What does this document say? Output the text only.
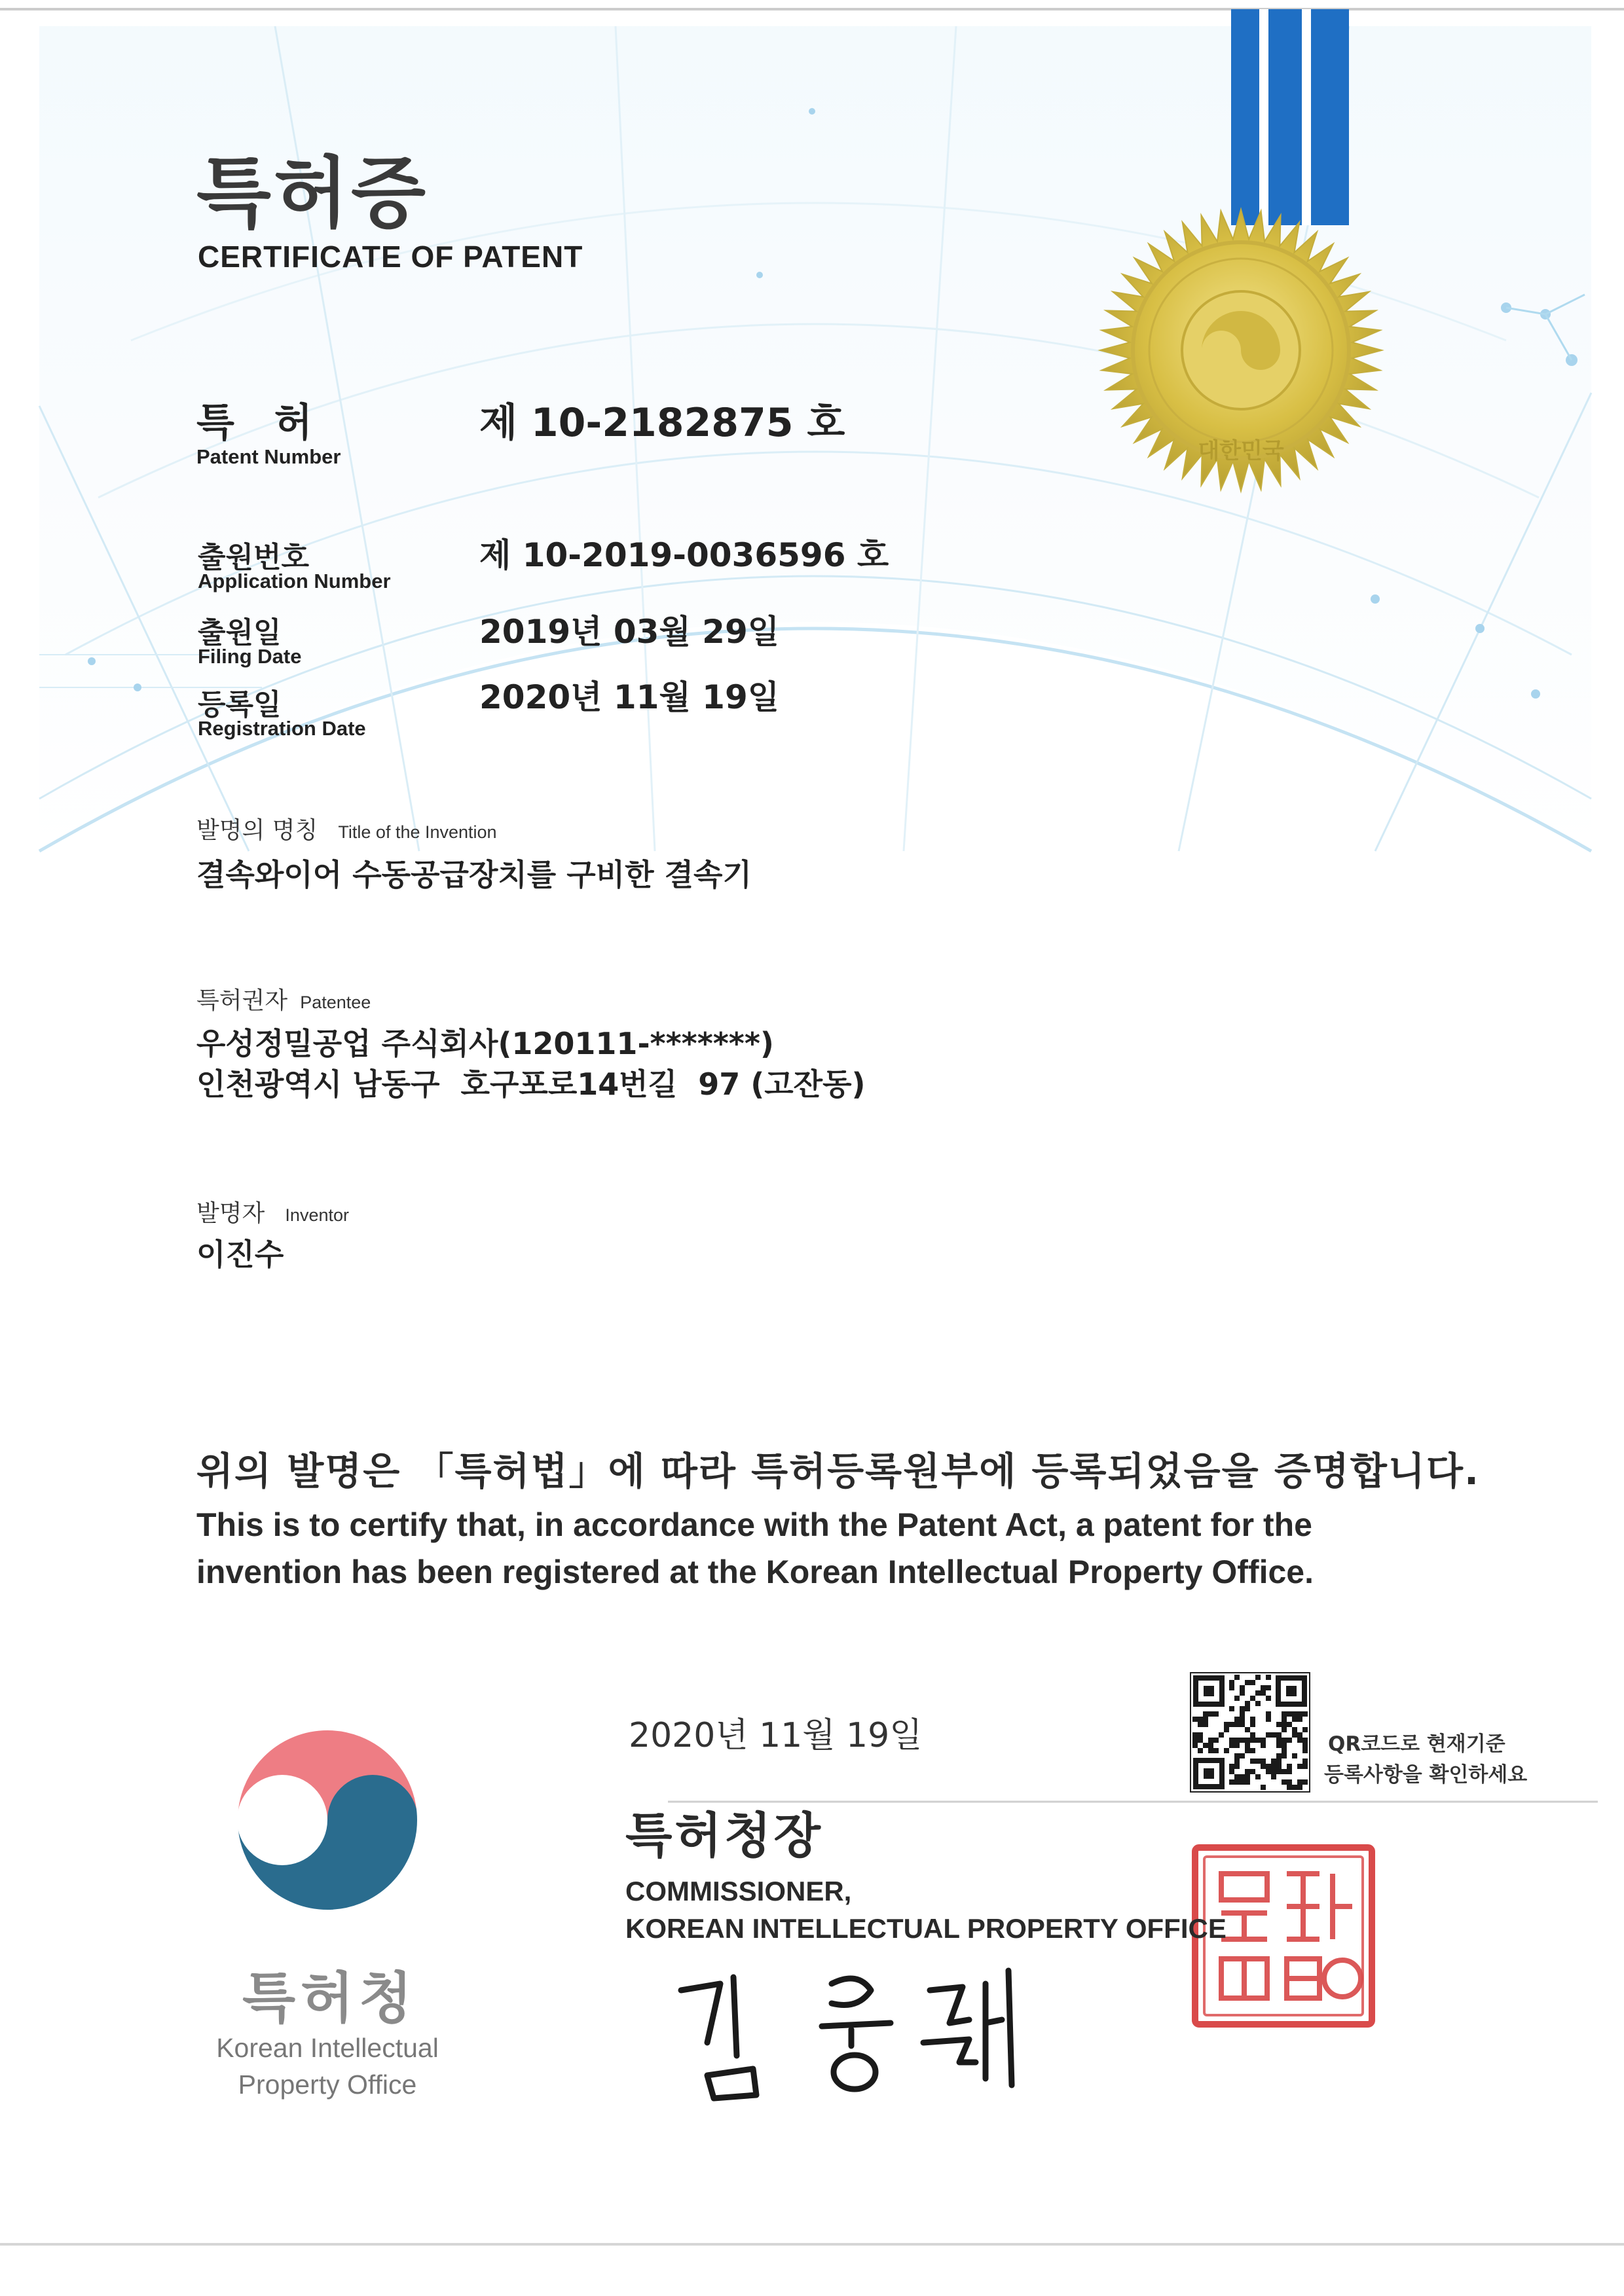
대한민국
특허증
CERTIFICATE OF PATENT
특 허
Patent Number
제 10-2182875 호
출원번호
Application Number
제 10-2019-0036596 호
출원일
Filing Date
2019년 03월 29일
등록일
Registration Date
2020년 11월 19일
발명의 명칭 Title of the Invention
결속와이어 수동공급장치를 구비한 결속기
특허권자 Patentee
우성정밀공업 주식회사(120111-*******)
인천광역시 남동구  호구포로14번길  97 (고잔동)
발명자 Inventor
이진수
위의 발명은 「특허법」에 따라 특허등록원부에 등록되었음을 증명합니다.
This is to certify that, in accordance with the Patent Act, a patent for the
invention has been registered at the Korean Intellectual Property Office.
2020년 11월 19일	QR코드로 현재기준
등록사항을 확인하세요
특허청장
COMMISSIONER,
KOREAN INTELLECTUAL PROPERTY OFFICE
특허청
Korean Intellectual
Property Office
